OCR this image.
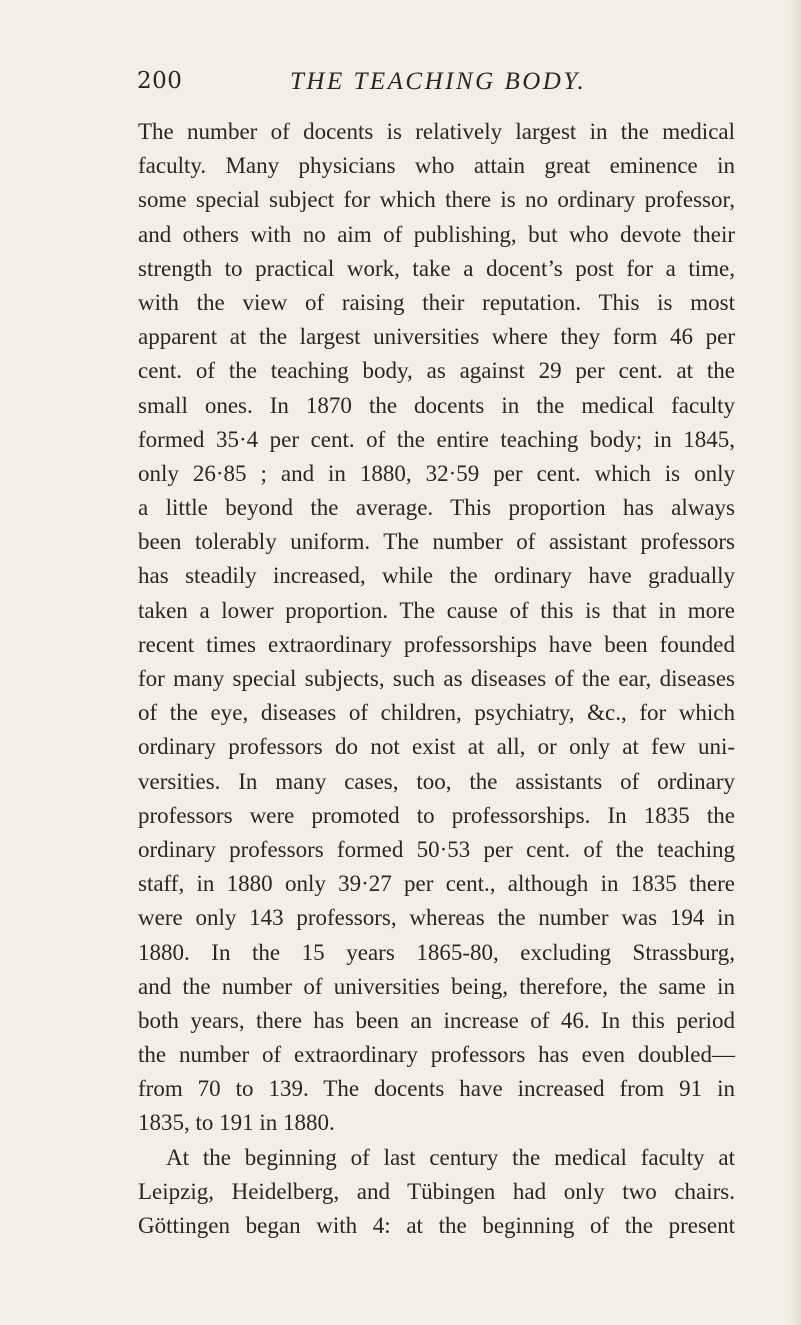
200	THE TEACHING BODY.
The number of docents is relatively largest in the medical
faculty. Many physicians who attain great eminence in
some special subject for which there is no ordinary professor,
and others with no aim of publishing, but who devote their
strength to practical work, take a docent’s post for a time,
with the view of raising their reputation. This is most
apparent at the largest universities where they form 46 per
cent. of the teaching body, as against 29 per cent. at the
small ones. In 1870 the docents in the medical faculty
formed 35·4 per cent. of the entire teaching body; in 1845,
only 26·85 ; and in 1880, 32·59 per cent. which is only
a little beyond the average. This proportion has always
been tolerably uniform. The number of assistant professors
has steadily increased, while the ordinary have gradually
taken a lower proportion. The cause of this is that in more
recent times extraordinary professorships have been founded
for many special subjects, such as diseases of the ear, diseases
of the eye, diseases of children, psychiatry, &c., for which
ordinary professors do not exist at all, or only at few uni-
versities. In many cases, too, the assistants of ordinary
professors were promoted to professorships. In 1835 the
ordinary professors formed 50·53 per cent. of the teaching
staff, in 1880 only 39·27 per cent., although in 1835 there
were only 143 professors, whereas the number was 194 in
1880. In the 15 years 1865-80, excluding Strassburg,
and the number of universities being, therefore, the same in
both years, there has been an increase of 46. In this period
the number of extraordinary professors has even doubled—
from 70 to 139. The docents have increased from 91 in
1835, to 191 in 1880.
At the beginning of last century the medical faculty at
Leipzig, Heidelberg, and Tübingen had only two chairs.
Göttingen began with 4: at the beginning of the present
